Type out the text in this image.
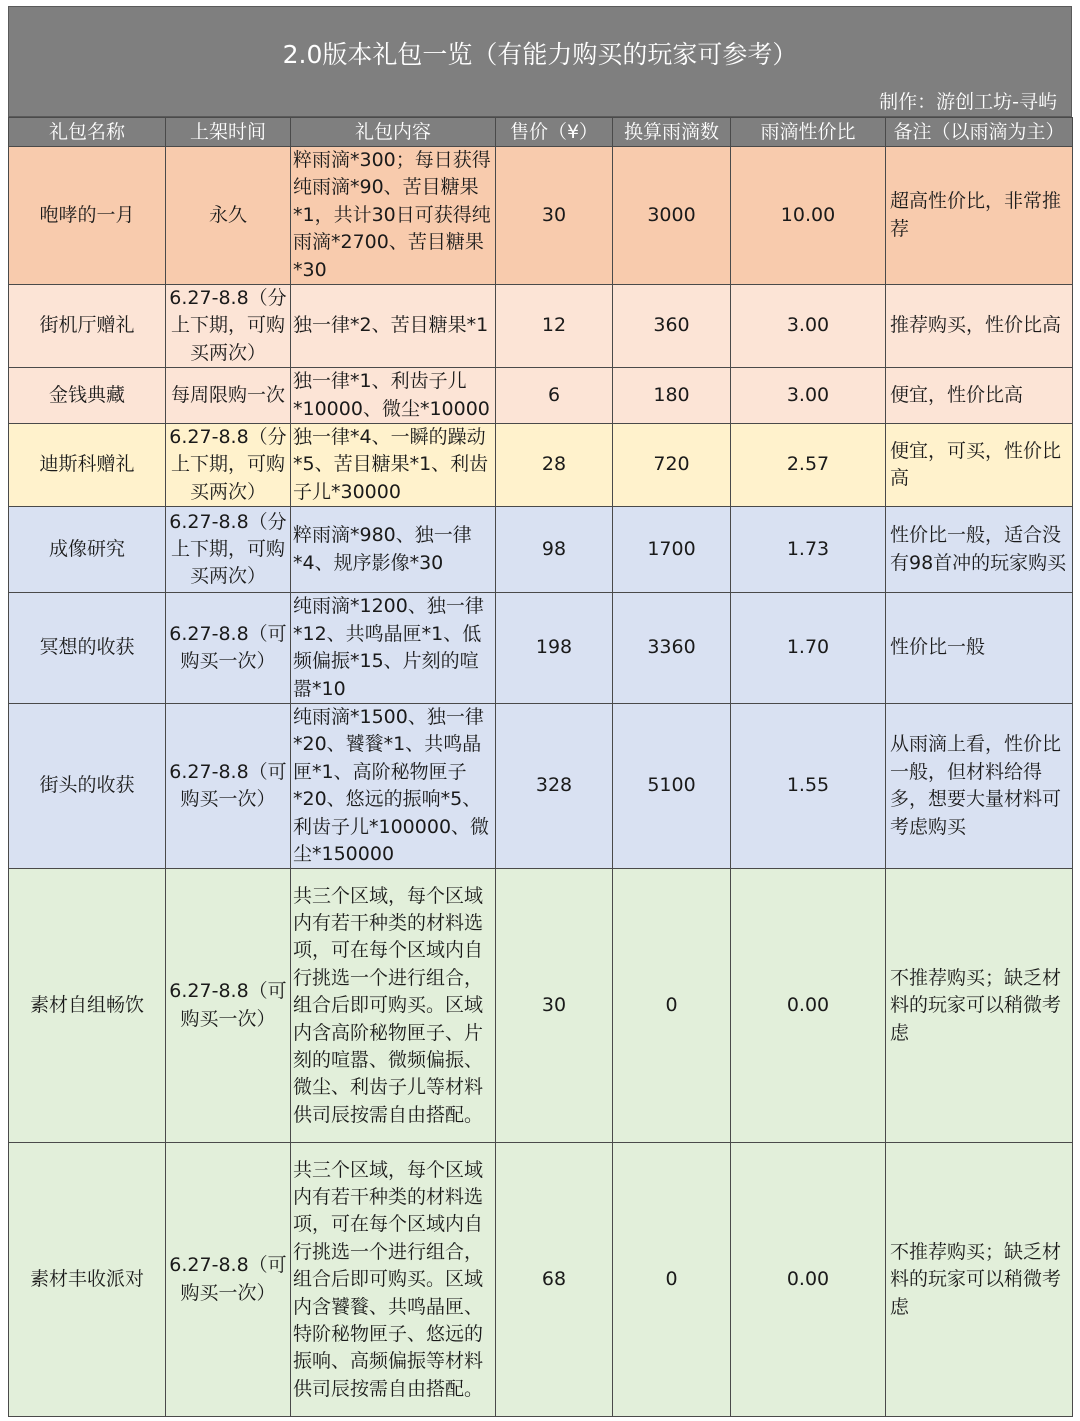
2.0版本礼包一览（有能力购买的玩家可参考）
制作：游创工坊-寻屿
礼包名称	上架时间	礼包内容	售价（¥）	换算雨滴数	雨滴性价比	备注（以雨滴为主）
咆哮的一月	永久	粹雨滴*300；每日获得纯雨滴*90、苦目糖果*1，共计30日可获得纯雨滴*2700、苦目糖果*30	30	3000	10.00	超高性价比，非常推荐
街机厅赠礼	6.27-8.8（分上下期，可购买两次）	独一律*2、苦目糖果*1	12	360	3.00	推荐购买，性价比高
金钱典藏	每周限购一次	独一律*1、利齿子儿*10000、微尘*10000	6	180	3.00	便宜，性价比高
迪斯科赠礼	6.27-8.8（分上下期，可购买两次）	独一律*4、一瞬的躁动*5、苦目糖果*1、利齿子儿*30000	28	720	2.57	便宜，可买，性价比高
成像研究	6.27-8.8（分上下期，可购买两次）	粹雨滴*980、独一律*4、规序影像*30	98	1700	1.73	性价比一般，适合没有98首冲的玩家购买
冥想的收获	6.27-8.8（可购买一次）	纯雨滴*1200、独一律*12、共鸣晶匣*1、低频偏振*15、片刻的喧嚣*10	198	3360	1.70	性价比一般
街头的收获	6.27-8.8（可购买一次）	纯雨滴*1500、独一律*20、饕餮*1、共鸣晶匣*1、高阶秘物匣子*20、悠远的振响*5、利齿子儿*100000、微尘*150000	328	5100	1.55	从雨滴上看，性价比一般，但材料给得多，想要大量材料可考虑购买
素材自组畅饮	6.27-8.8（可购买一次）	共三个区域，每个区域内有若干种类的材料选项，可在每个区域内自行挑选一个进行组合，组合后即可购买。区域内含高阶秘物匣子、片刻的喧嚣、微频偏振、微尘、利齿子儿等材料供司辰按需自由搭配。	30	0	0.00	不推荐购买；缺乏材料的玩家可以稍微考虑
素材丰收派对	6.27-8.8（可购买一次）	共三个区域，每个区域内有若干种类的材料选项，可在每个区域内自行挑选一个进行组合，组合后即可购买。区域内含饕餮、共鸣晶匣、特阶秘物匣子、悠远的振响、高频偏振等材料供司辰按需自由搭配。	68	0	0.00	不推荐购买；缺乏材料的玩家可以稍微考虑
